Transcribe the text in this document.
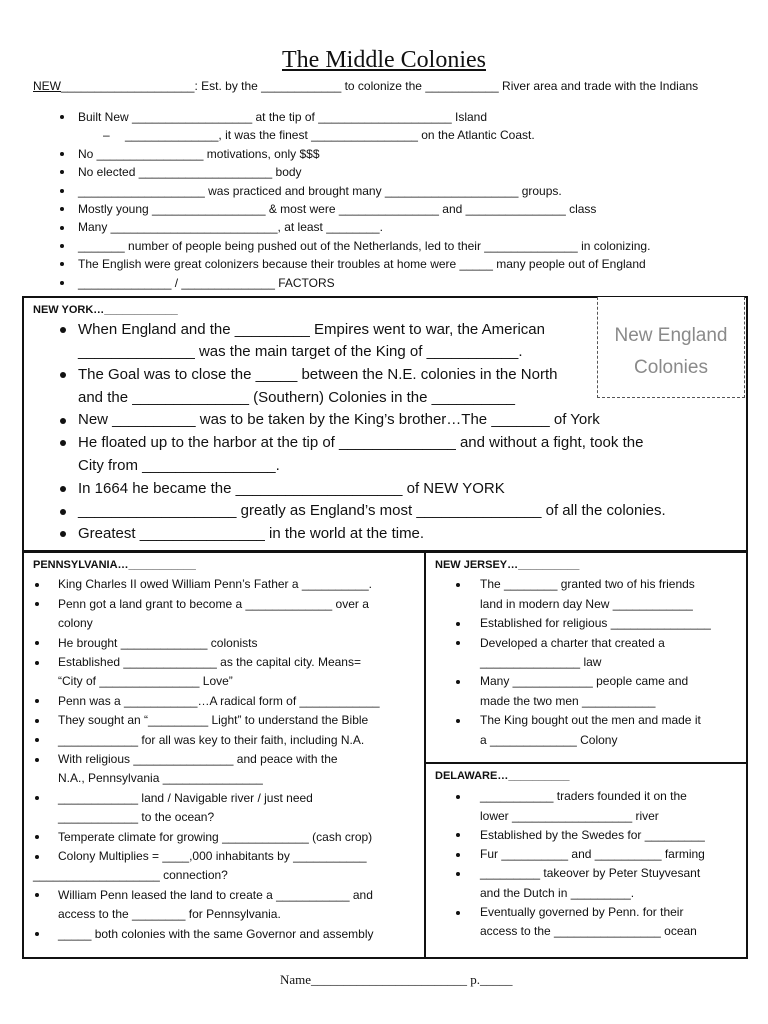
The Middle Colonies
NEW____________________: Est. by the ____________ to colonize the ___________ River area and trade with the Indians
Built New __________________ at the tip of ____________________ Island
– ______________, it was the finest ________________ on the Atlantic Coast.
No ________________ motivations, only $$$
No elected ____________________ body
___________________ was practiced and brought many ____________________ groups.
Mostly young _________________ & most were _______________ and _______________ class
Many _________________________, at least ________.
_______ number of people being pushed out of the Netherlands, led to their ______________ in colonizing.
The English were great colonizers because their troubles at home were _____ many people out of England
______________ / ______________ FACTORS
NEW YORK…____________
When England and the _________ Empires went to war, the American
______________ was the main target of the King of ___________.
The Goal was to close the _____ between the N.E. colonies in the North
and the ______________ (Southern) Colonies in the __________
New __________ was to be taken by the King’s brother…The _______ of York
He floated up to the harbor at the tip of ______________ and without a fight, took the
City from ________________.
In 1664 he became the ____________________ of NEW YORK
___________________ greatly as England’s most _______________ of all the colonies.
Greatest _______________ in the world at the time.
New England
Colonies
PENNSYLVANIA…___________
King Charles II owed William Penn’s Father a __________.
Penn got a land grant to become a _____________ over a
colony
He brought _____________ colonists
Established ______________ as the capital city. Means=
“City of _______________ Love”
Penn was a ___________…A radical form of ____________
They sought an “_________ Light” to understand the Bible
____________ for all was key to their faith, including N.A.
With religious _______________ and peace with the
N.A., Pennsylvania _______________
____________ land / Navigable river / just need
____________ to the ocean?
Temperate climate for growing _____________ (cash crop)
Colony Multiplies = ____,000 inhabitants by ___________
___________________ connection?
William Penn leased the land to create a ___________ and
access to the ________ for Pennsylvania.
_____ both colonies with the same Governor and assembly
NEW JERSEY…__________
The ________ granted two of his friends
land in modern day New ____________
Established for religious _______________
Developed a charter that created a
_______________ law
Many ____________ people came and
made the two men ___________
The King bought out the men and made it
a _____________ Colony
DELAWARE…__________
___________ traders founded it on the
lower __________________ river
Established by the Swedes for _________
Fur __________ and __________ farming
_________ takeover by Peter Stuyvesant
and the Dutch in _________.
Eventually governed by Penn. for their
access to the ________________ ocean
Name________________________ p._____
